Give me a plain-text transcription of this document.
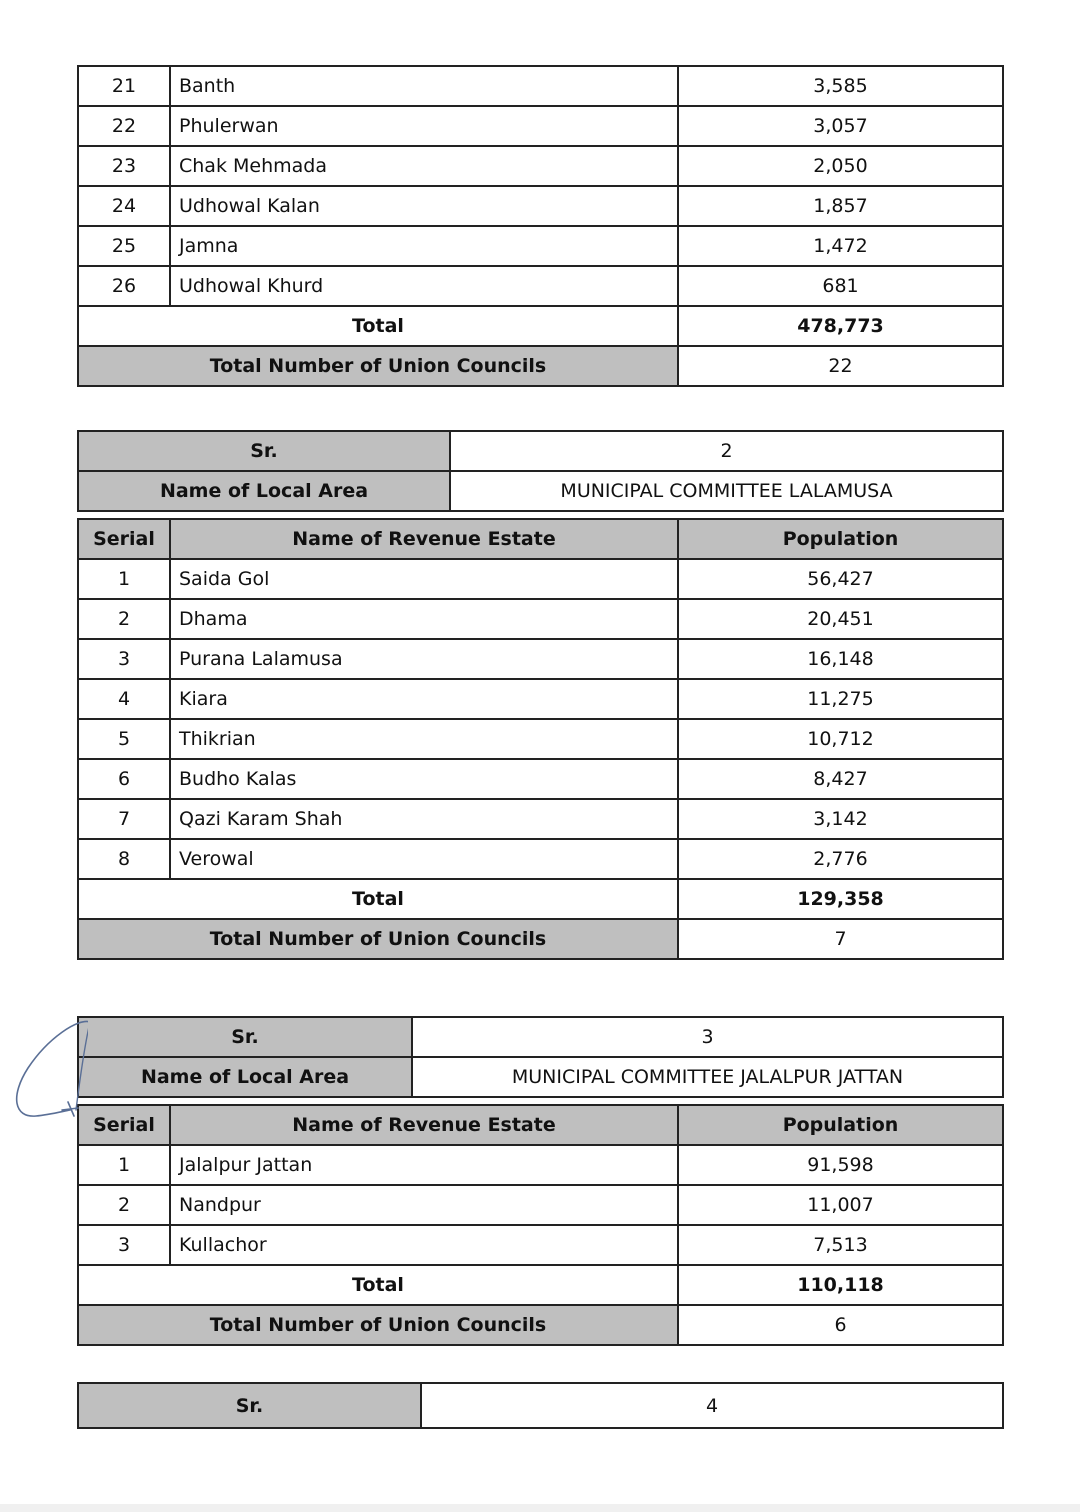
21	Banth	3,585
22	Phulerwan	3,057
23	Chak Mehmada	2,050
24	Udhowal Kalan	1,857
25	Jamna	1,472
26	Udhowal Khurd	681
Total		478,773
Total Number of Union Councils		22
Sr.	2
Name of Local Area	MUNICIPAL COMMITTEE LALAMUSA
Serial	Name of Revenue Estate	Population
1	Saida Gol	56,427
2	Dhama	20,451
3	Purana Lalamusa	16,148
4	Kiara	11,275
5	Thikrian	10,712
6	Budho Kalas	8,427
7	Qazi Karam Shah	3,142
8	Verowal	2,776
Total		129,358
Total Number of Union Councils		7
Sr.	3
Name of Local Area	MUNICIPAL COMMITTEE JALALPUR JATTAN
Serial	Name of Revenue Estate	Population
1	Jalalpur Jattan	91,598
2	Nandpur	11,007
3	Kullachor	7,513
Total		110,118
Total Number of Union Councils		6
Sr.	4
